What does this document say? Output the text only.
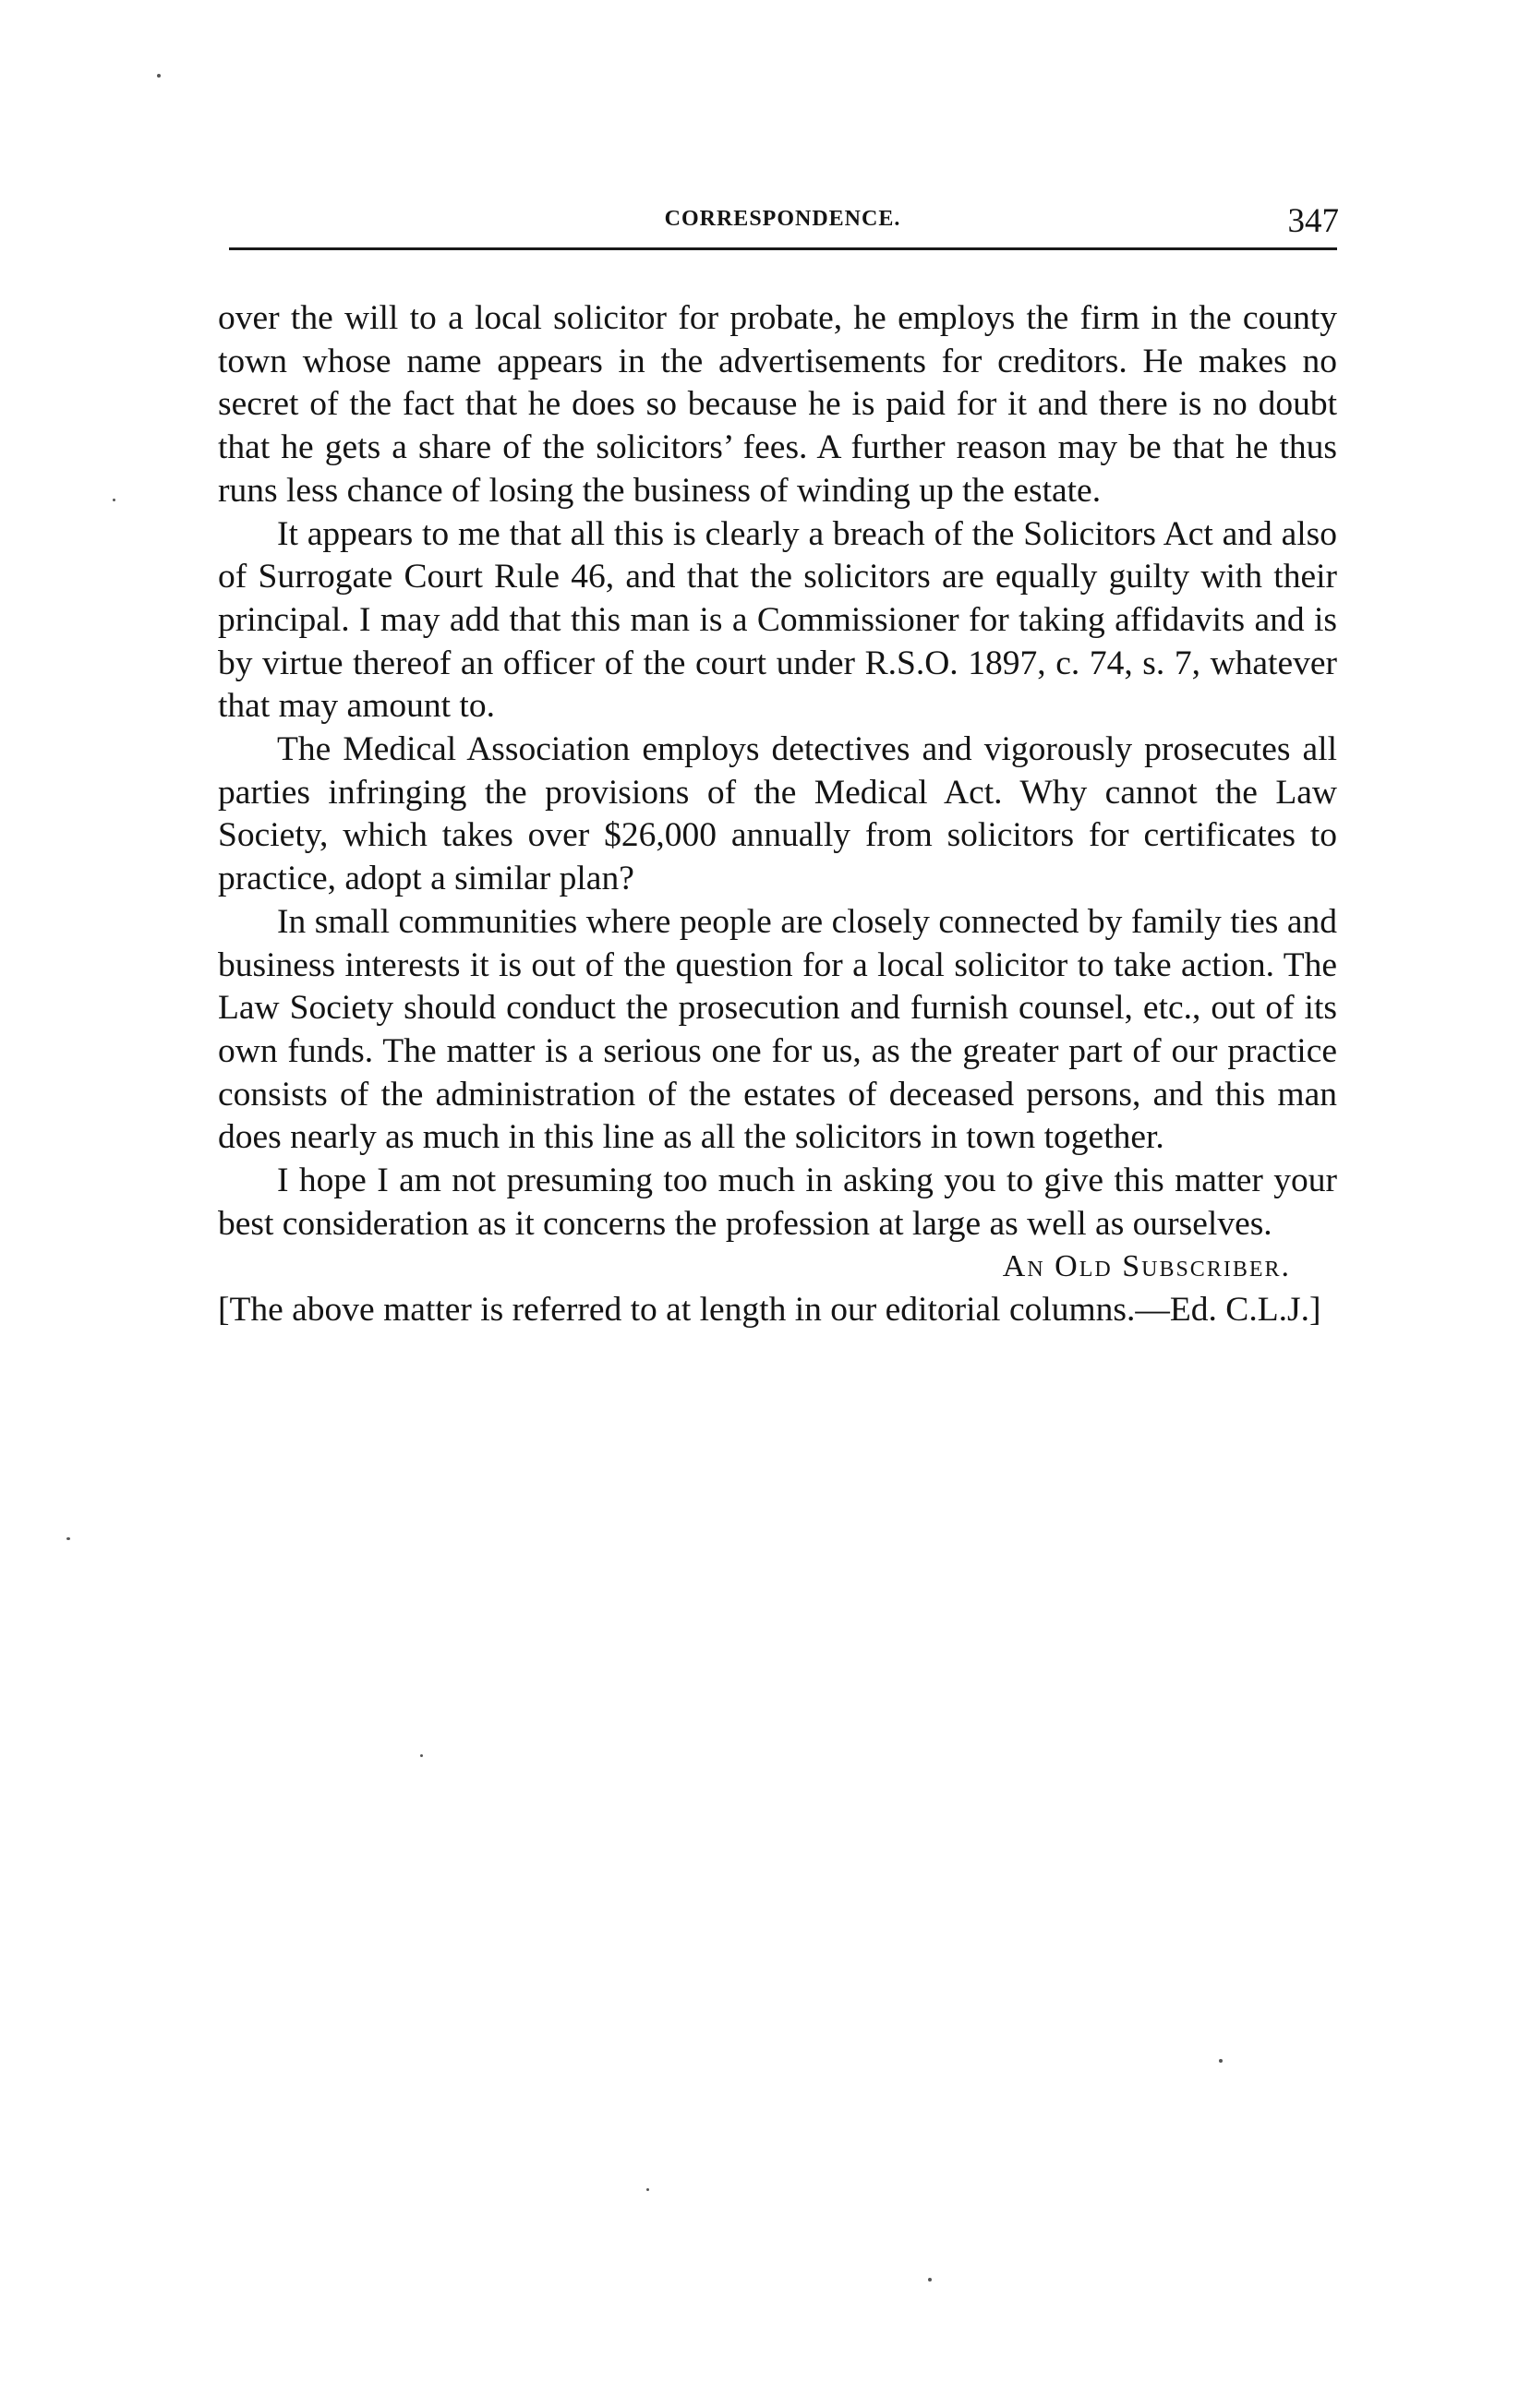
CORRESPONDENCE.	347

over the will to a local solicitor for probate, he employs the firm in the county town whose name appears in the advertisements for creditors. He makes no secret of the fact that he does so because he is paid for it and there is no doubt that he gets a share of the solicitors’ fees. A further reason may be that he thus runs less chance of losing the business of winding up the estate.

It appears to me that all this is clearly a breach of the Solicitors Act and also of Surrogate Court Rule 46, and that the solicitors are equally guilty with their principal. I may add that this man is a Commissioner for taking affidavits and is by virtue thereof an officer of the court under R.S.O. 1897, c. 74, s. 7, whatever that may amount to.

The Medical Association employs detectives and vigorously prosecutes all parties infringing the provisions of the Medical Act. Why cannot the Law Society, which takes over $26,000 annually from solicitors for certificates to practice, adopt a similar plan?

In small communities where people are closely connected by family ties and business interests it is out of the question for a local solicitor to take action. The Law Society should conduct the prosecution and furnish counsel, etc., out of its own funds. The matter is a serious one for us, as the greater part of our practice consists of the administration of the estates of deceased persons, and this man does nearly as much in this line as all the solicitors in town together.

I hope I am not presuming too much in asking you to give this matter your best consideration as it concerns the profession at large as well as ourselves.

An Old Subscriber.

[The above matter is referred to at length in our editorial columns.—Ed. C.L.J.]
